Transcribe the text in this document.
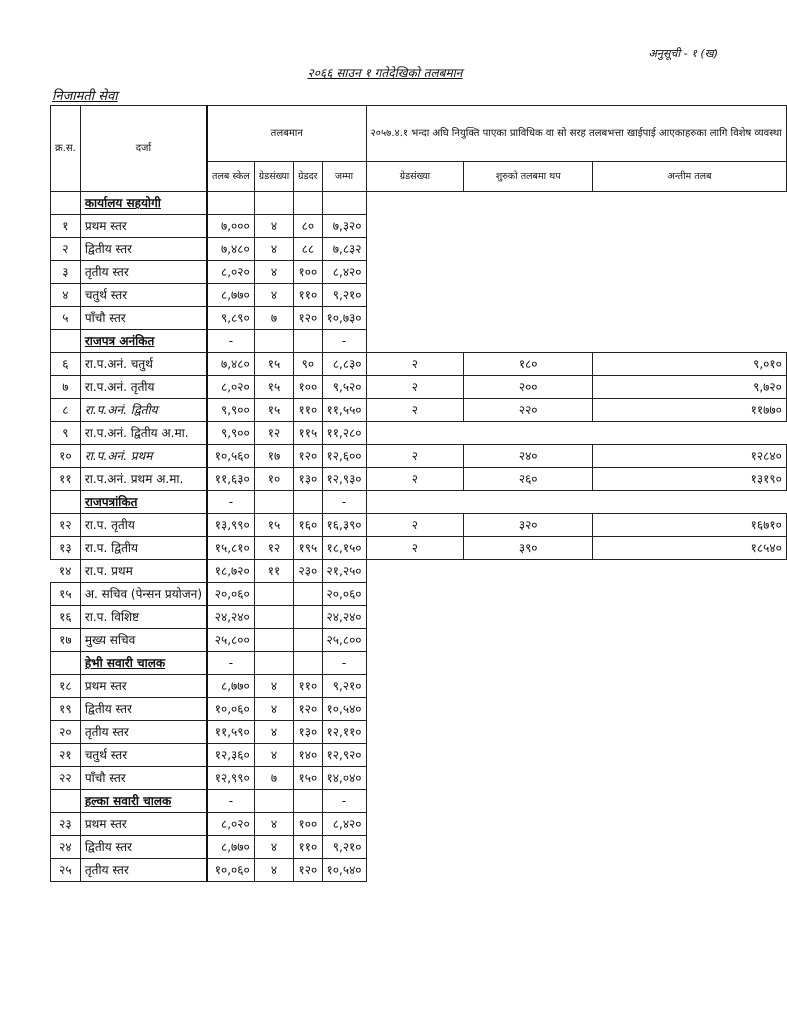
अनुसूची - १ (ख)
२०६६ साउन १ गतेदेखिको तलबमान
निजामती सेवा
क्र.स.	दर्जा	तलबमान				२०५७.४.१ भन्दा अघि नियुक्ति पाएका प्राविधिक वा सो सरह तलबभत्ता खाईपाई आएकाहरुका लागि विशेष व्यवस्था		
		तलब स्केल	ग्रेडसंख्या	ग्रेडदर	जम्मा	ग्रेडसंख्या	शुरुको तलबमा थप	अन्तीम तलब
	कार्यालय सहयोगी							
१	प्रथम स्तर	७,०००	४	८०	७,३२०			
२	द्वितीय स्तर	७,४८०	४	८८	७,८३२			
३	तृतीय स्तर	८,०२०	४	१००	८,४२०			
४	चतुर्थ स्तर	८,७७०	४	११०	९,२१०			
५	पाँचौ स्तर	९,८९०	७	१२०	१०,७३०			
	राजपत्र अनंकित	-			-			
६	रा.प.अनं. चतुर्थ	७,४८०	१५	९०	८,८३०	२	१८०	९,०१०
७	रा.प.अनं. तृतीय	८,०२०	१५	१००	९,५२०	२	२००	९,७२०
८	रा.प.अनं. द्वितीय	९,९००	१५	११०	११,५५०	२	२२०	११७७०
९	रा.प.अनं. द्वितीय अ.मा.	९,९००	१२	११५	११,२८०			
१०	रा.प.अनं. प्रथम	१०,५६०	१७	१२०	१२,६००	२	२४०	१२८४०
११	रा.प.अनं. प्रथम अ.मा.	११,६३०	१०	१३०	१२,९३०	२	२६०	१३१९०
	राजपत्रांकित	-			-			
१२	रा.प. तृतीय	१३,९९०	१५	१६०	१६,३९०	२	३२०	१६७१०
१३	रा.प. द्वितीय	१५,८१०	१२	१९५	१८,१५०	२	३९०	१८५४०
१४	रा.प. प्रथम	१८,७२०	११	२३०	२१,२५०			
१५	अ. सचिव (पेन्सन प्रयोजन)	२०,०६०			२०,०६०			
१६	रा.प. विशिष्ट	२४,२४०			२४,२४०			
१७	मुख्य सचिव	२५,८००			२५,८००			
	हेभी सवारी चालक	-			-			
१८	प्रथम स्तर	८,७७०	४	११०	९,२१०			
१९	द्वितीय स्तर	१०,०६०	४	१२०	१०,५४०			
२०	तृतीय स्तर	११,५९०	४	१३०	१२,११०			
२१	चतुर्थ स्तर	१२,३६०	४	१४०	१२,९२०			
२२	पाँचौ स्तर	१२,९९०	७	१५०	१४,०४०			
	हल्का सवारी चालक	-			-			
२३	प्रथम स्तर	८,०२०	४	१००	८,४२०			
२४	द्वितीय स्तर	८,७७०	४	११०	९,२१०			
२५	तृतीय स्तर	१०,०६०	४	१२०	१०,५४०			
